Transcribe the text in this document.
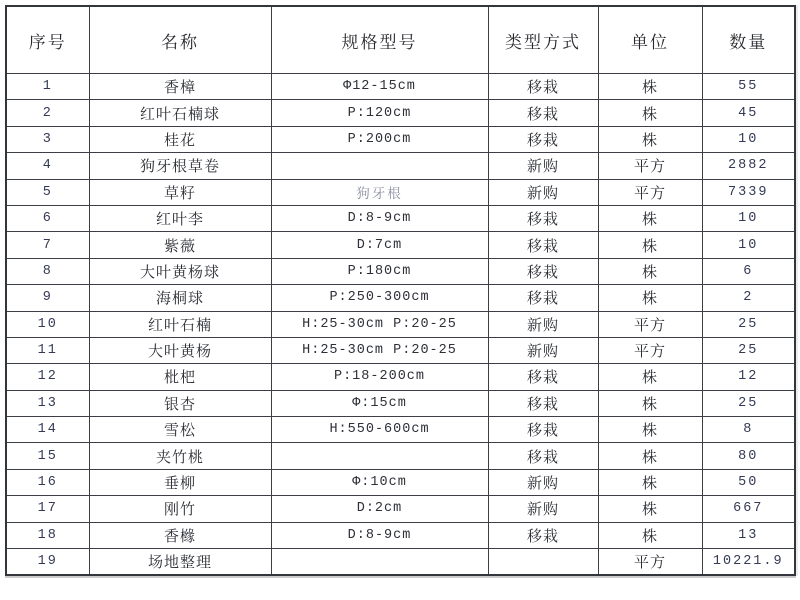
序号	名称	规格型号	类型方式	单位	数量
1	香樟	Φ12-15cm	移栽	株	55
2	红叶石楠球	P:120cm	移栽	株	45
3	桂花	P:200cm	移栽	株	10
4	狗牙根草卷		新购	平方	2882
5	草籽	狗牙根	新购	平方	7339
6	红叶李	D:8-9cm	移栽	株	10
7	紫薇	D:7cm	移栽	株	10
8	大叶黄杨球	P:180cm	移栽	株	6
9	海桐球	P:250-300cm	移栽	株	2
10	红叶石楠	H:25-30cm P:20-25	新购	平方	25
11	大叶黄杨	H:25-30cm P:20-25	新购	平方	25
12	枇杷	P:18-200cm	移栽	株	12
13	银杏	Φ:15cm	移栽	株	25
14	雪松	H:550-600cm	移栽	株	8
15	夹竹桃		移栽	株	80
16	垂柳	Φ:10cm	新购	株	50
17	刚竹	D:2cm	新购	株	667
18	香橼	D:8-9cm	移栽	株	13
19	场地整理			平方	10221.9
